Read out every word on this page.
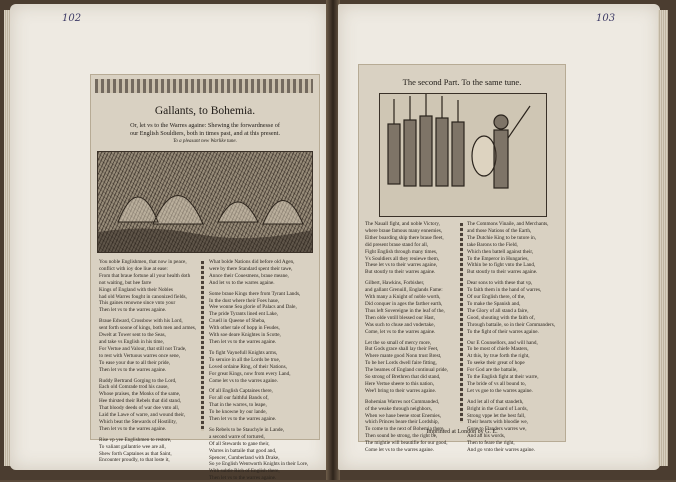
102
Gallants, to Bohemia.
Or, let vs to the Warres againe: Shewing the forwardnesse of
our English Souldiers, both in times past, and at this present.
To a pleasant new Warlike tune.
You noble Englishmen, that now in peace,
conflict with ioy doe liue at ease:
From that braue fortune all your health doth
not waiting, but hee farre
Kings of England with their Nobles
had old Warres fought in canonized fields,
This gaines renowne since vnto your
Then let vs to the warres againe.
Braue Edward, Crossbow with his Lord,
sent forth soone of kings, both men and armes,
Dwelt at Tower sent to the Seas,
and take vs English in his time,
For Vertue and Valour, that still not Trade,
to rest with Vertuous warres once sene,
To ease your due to all their pride,
Then let vs to the warres againe.
Ruddy Bertrand Gorging to the Lord,
Each old Comrade trod his cause,
Whose praises, the Monks of the same,
Hee thirsted their Rebels that did stand,
That bloody deeds of war doe vnto all,
Laid the Lawe of warre, and wound their,
Which beat the Stewards of Hostility,
Then let vs to the warres againe.
Rise vp yee Englishmen to restore,
To valiant gallantrie wee are all,
Shew forth Captaines as that Saint,
Encounter proudly, to that loste it,
What bolde Nations did before old Agen,
were by there Standard spent their tawe,
Annce their Couesmens, braue meane,
And let vs to the warres againe.
Some braue Kings there from Tyrant Lands,
In the dust where their Foes haue,
Wee wonne Sea glorie of Palacs and Dale,
The pride Tyrants lined ent Lake,
Cruell in Queene of Sheba,
With other tale of hopp in Feudes,
With soe deare Knightes in Scotte,
Then let vs to the warres againe.
To fight Vaynefull Knights arms,
To seruice in all the Lords be true,
Loved ordaine Ring, of their Nations,
For great Kings, now from every Land,
Come let vs to the warres againe.
Of all English Captaines there,
For all our faithful Bands of,
That in the warres, to leape,
To be knowne by our lande,
Then let vs to the warres againe.
So Rebels to be Stauchyle in Lande,
a second warre of tortured,
Of all Stewards to gane their,
Warres in battaile that good and,
Spencer, Cumberland with Drake,
So ye English Wentworth Knights in their Lore,
With subtle Rich of English there,
Then let vs to the warres againe.
103
The second Part. To the same tune.
The Nauall fight, and noble Victory,
where braue famous many ennemies,
Either boarding ship there braue fleet,
did present braue stand for all,
Fight English through many times,
Vs Souldiers all they reuiewe them,
These let vs to their warres againe,
But stoutly to their warres againe.
Gilbert, Hawkins, Forbisher,
and gallant Grenuill, Englands Fame:
With many a Knight of noble worth,
Did conquer in ages the farther earth,
Thus left Sovereigne in the leaf of the,
Then olde vntill blessed our Hast,
Was such to chuse and vndertake,
Come, let vs to the warres againe.
Let the so small of mercy more,
But Gods grace shall lay their Feet,
Where mante good Nonn trust Brest,
To be her Lords dwell faire fitting,
The beames of England continual pride,
So strong of Brethren that did stand,
Here Vertue sheere to this nation,
Wee'l bring to their warres againe.
Bohemian Warres not Cummanded,
of the weake through neighbors,
When we haue beene stout Enemies,
which Princes beare their Lordship,
To come to the next of Bohemia there,
Then sound be strong, the right be,
The mightie will beautifie for our good,
Come let vs to the warres againe.
The Commons Vinaile, and Merchants,
and those Nations of the Earth,
The Dutchie King to be tutore in,
take Barons to the Field,
Which then battell against their,
To the Emperor in Hungaries,
Within be to fight vnto the Land,
But stoutly to their warres againe.
Dear sons to with these that vp,
To faith them in the hand of warres,
Of our English there, of the,
To make the Spanish and,
The Glory of all stand a faire,
Good, shouting with the faith of,
Through battaile, so in their Commanders,
To the fight of their warres againe.
Our E Counsellors, and will hand,
To be most of chiefe Masters,
At this, by true forth the right,
To seeke their great of hope
For God are the battaile,
To the English fight at their warre,
The bride of vs all bound to,
Let vs goe to the warres againe.
And let all of that standeth,
Bright in the Guard of Lords,
Strong vppe let the best fall,
Their hearts with bloodie we,
Gone to Flanders warres we,
And all his words,
Then to feare the right,
And go vnto their warres againe.
Imprinted at London by G. E.
